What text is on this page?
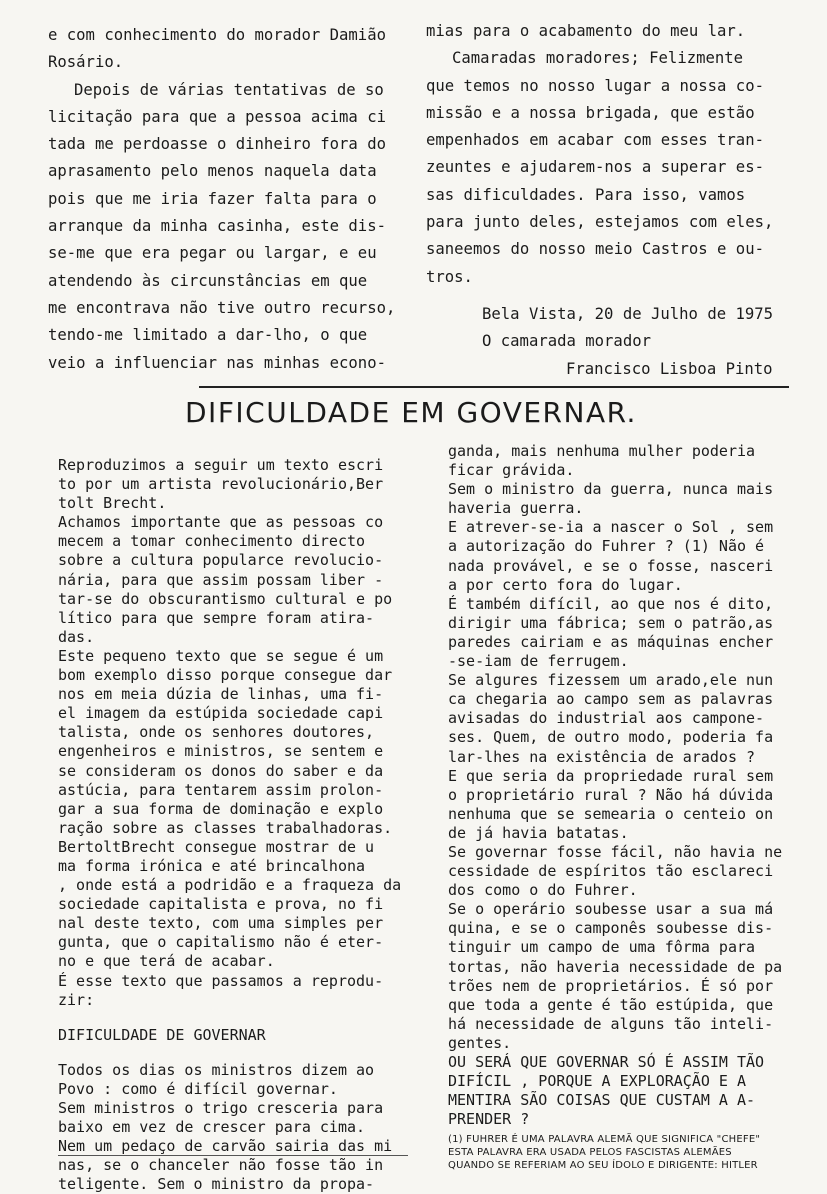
e com conhecimento do morador Damião
Rosário.
Depois de várias tentativas de so
licitação para que a pessoa acima ci
tada me perdoasse o dinheiro fora do
aprasamento pelo menos naquela data
pois que me iria fazer falta para o
arranque da minha casinha, este dis-
se-me que era pegar ou largar, e eu
atendendo às circunstâncias em que
me encontrava não tive outro recurso,
tendo-me limitado a dar-lho, o que
veio a influenciar nas minhas econo-
mias para o acabamento do meu lar.
Camaradas moradores; Felizmente
que temos no nosso lugar a nossa co-
missão e a nossa brigada, que estão
empenhados em acabar com esses tran-
zeuntes e ajudarem-nos a superar es-
sas dificuldades. Para isso, vamos
para junto deles, estejamos com eles,
saneemos do nosso meio Castros e ou-
tros.
Bela Vista, 20 de Julho de 1975
O camarada morador
Francisco Lisboa Pinto
DIFICULDADE EM GOVERNAR.
Reproduzimos a seguir um texto escri
to por um artista revolucionário,Ber
tolt Brecht.
Achamos importante que as pessoas co
mecem a tomar conhecimento directo
sobre a cultura popularce revolucio-
nária, para que assim possam liber -
tar-se do obscurantismo cultural e po
lítico para que sempre foram atira-
das.
Este pequeno texto que se segue é um
bom exemplo disso porque consegue dar
nos em meia dúzia de linhas, uma fi-
el imagem da estúpida sociedade capi
talista, onde os senhores doutores,
engenheiros e ministros, se sentem e
se consideram os donos do saber e da
astúcia, para tentarem assim prolon-
gar a sua forma de dominação e explo
ração sobre as classes trabalhadoras.
BertoltBrecht consegue mostrar de u
ma forma irónica e até brincalhona
, onde está a podridão e a fraqueza da
sociedade capitalista e prova, no fi
nal deste texto, com uma simples per
gunta, que o capitalismo não é eter-
no e que terá de acabar.
É esse texto que passamos a reprodu-
zir:
DIFICULDADE DE GOVERNAR
Todos os dias os ministros dizem ao
Povo : como é difícil governar.
Sem ministros o trigo cresceria para
baixo em vez de crescer para cima.
Nem um pedaço de carvão sairia das mi
nas, se o chanceler não fosse tão in
teligente. Sem o ministro da propa-
ganda, mais nenhuma mulher poderia
ficar grávida.
Sem o ministro da guerra, nunca mais
haveria guerra.
E atrever-se-ia a nascer o Sol , sem
a autorização do Fuhrer ? (1) Não é
nada provável, e se o fosse, nasceri
a por certo fora do lugar.
É também difícil, ao que nos é dito,
dirigir uma fábrica; sem o patrão,as
paredes cairiam e as máquinas encher
-se-iam de ferrugem.
Se algures fizessem um arado,ele nun
ca chegaria ao campo sem as palavras
avisadas do industrial aos campone-
ses. Quem, de outro modo, poderia fa
lar-lhes na existência de arados ?
E que seria da propriedade rural sem
o proprietário rural ? Não há dúvida
nenhuma que se semearia o centeio on
de já havia batatas.
Se governar fosse fácil, não havia ne
cessidade de espíritos tão esclareci
dos como o do Fuhrer.
Se o operário soubesse usar a sua má
quina, e se o camponês soubesse dis-
tinguir um campo de uma fôrma para
tortas, não haveria necessidade de pa
trões nem de proprietários. É só por
que toda a gente é tão estúpida, que
há necessidade de alguns tão inteli-
gentes.
OU SERÁ QUE GOVERNAR SÓ É ASSIM TÃO
DIFÍCIL , PORQUE A EXPLORAÇÃO E A
MENTIRA SÃO COISAS QUE CUSTAM A A-
PRENDER ?
(1) FUHRER É UMA PALAVRA ALEMÃ QUE SIGNIFICA "CHEFE"
ESTA PALAVRA ERA USADA PELOS FASCISTAS ALEMÃES
QUANDO SE REFERIAM AO SEU ÍDOLO E DIRIGENTE: HITLER
